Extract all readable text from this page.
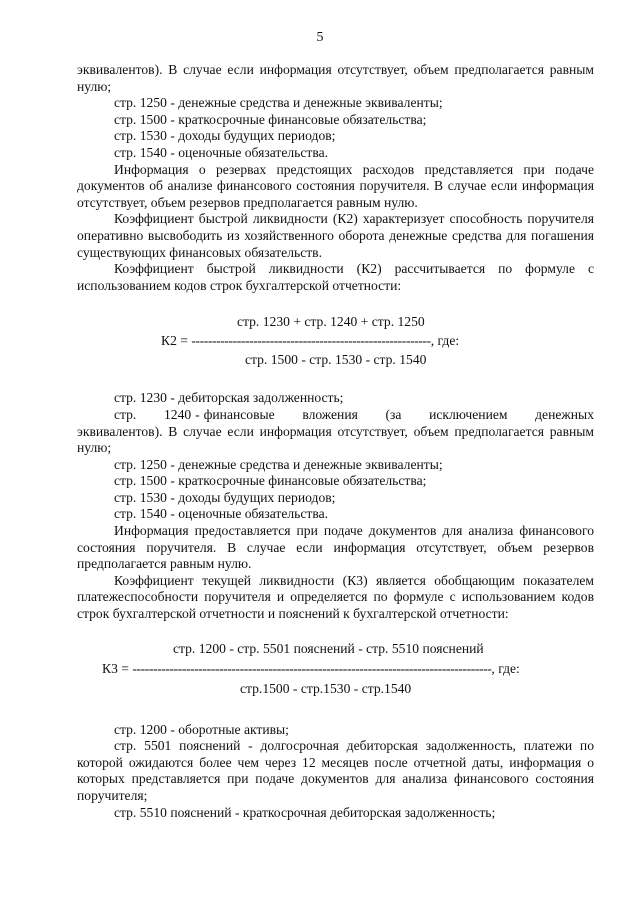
5

эквивалентов). В случае если информация отсутствует, объем предполагается равным нулю;

стр. 1250 - денежные средства и денежные эквиваленты;

стр. 1500 - краткосрочные финансовые обязательства;

стр. 1530 - доходы будущих периодов;

стр. 1540 - оценочные обязательства.

Информация о резервах предстоящих расходов представляется при подаче документов об анализе финансового состояния поручителя. В случае если информация отсутствует, объем резервов предполагается равным нулю.

Коэффициент быстрой ликвидности (К2) характеризует способность поручителя оперативно высвободить из хозяйственного оборота денежные средства для погашения существующих финансовых обязательств.

Коэффициент быстрой ликвидности (К2) рассчитывается по формуле с использованием кодов строк бухгалтерской отчетности:

стр. 1230 + стр. 1240 + стр. 1250
К2 = ----------------------------------------------------------, где:
стр. 1500 - стр. 1530 - стр. 1540

стр. 1230 - дебиторская задолженность;

стр.       1240 - финансовые       вложения       (за       исключением       денежных эквивалентов). В случае если информация отсутствует, объем предполагается равным нулю;

стр. 1250 - денежные средства и денежные эквиваленты;

стр. 1500 - краткосрочные финансовые обязательства;

стр. 1530 - доходы будущих периодов;

стр. 1540 - оценочные обязательства.

Информация предоставляется при подаче документов для анализа финансового состояния поручителя. В случае если информация отсутствует, объем резервов предполагается равным нулю.

Коэффициент текущей ликвидности (К3) является обобщающим показателем платежеспособности поручителя и определяется по формуле с использованием кодов строк бухгалтерской отчетности и пояснений к бухгалтерской отчетности:

стр. 1200 - стр. 5501 пояснений - стр. 5510 пояснений
К3 = ---------------------------------------------------------------------------------------, где:
стр.1500 - стр.1530 - стр.1540

стр. 1200 - оборотные активы;

стр. 5501 пояснений - долгосрочная дебиторская задолженность, платежи по которой ожидаются более чем через 12 месяцев после отчетной даты, информация о которых представляется при подаче документов для анализа финансового состояния поручителя;

стр. 5510 пояснений - краткосрочная дебиторская задолженность;
